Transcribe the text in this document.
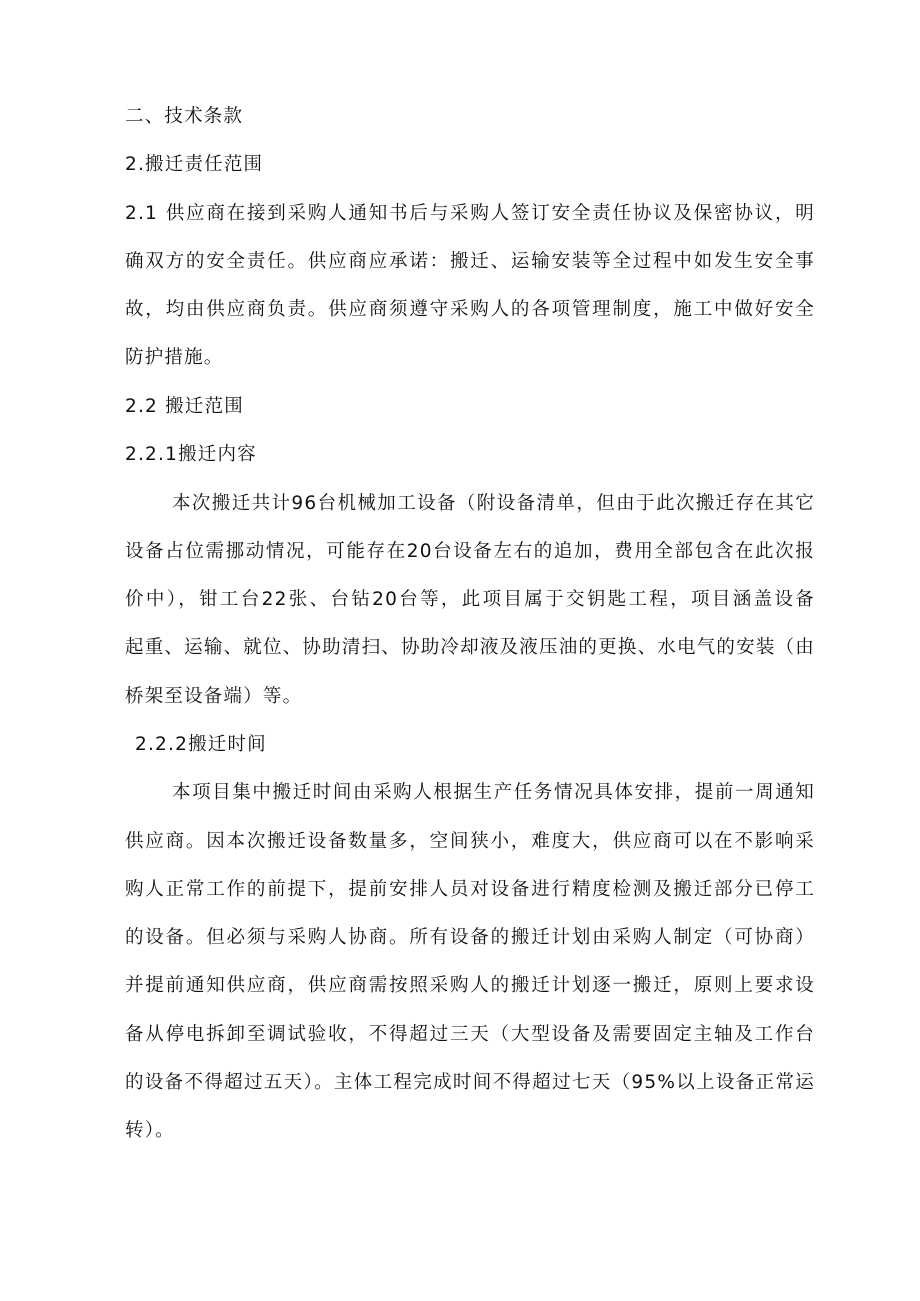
二、技术条款
2.搬迁责任范围
2.1 供应商在接到采购人通知书后与采购人签订安全责任协议及保密协议，明
确双方的安全责任。供应商应承诺：搬迁、运输安装等全过程中如发生安全事
故，均由供应商负责。供应商须遵守采购人的各项管理制度，施工中做好安全
防护措施。
2.2 搬迁范围
2.2.1搬迁内容
本次搬迁共计96台机械加工设备（附设备清单，但由于此次搬迁存在其它
设备占位需挪动情况，可能存在20台设备左右的追加，费用全部包含在此次报
价中），钳工台22张、台钻20台等，此项目属于交钥匙工程，项目涵盖设备
起重、运输、就位、协助清扫、协助冷却液及液压油的更换、水电气的安装（由
桥架至设备端）等。
2.2.2搬迁时间
本项目集中搬迁时间由采购人根据生产任务情况具体安排，提前一周通知
供应商。因本次搬迁设备数量多，空间狭小，难度大，供应商可以在不影响采
购人正常工作的前提下，提前安排人员对设备进行精度检测及搬迁部分已停工
的设备。但必须与采购人协商。所有设备的搬迁计划由采购人制定（可协商）
并提前通知供应商，供应商需按照采购人的搬迁计划逐一搬迁，原则上要求设
备从停电拆卸至调试验收，不得超过三天（大型设备及需要固定主轴及工作台
的设备不得超过五天）。主体工程完成时间不得超过七天（95%以上设备正常运
转）。
